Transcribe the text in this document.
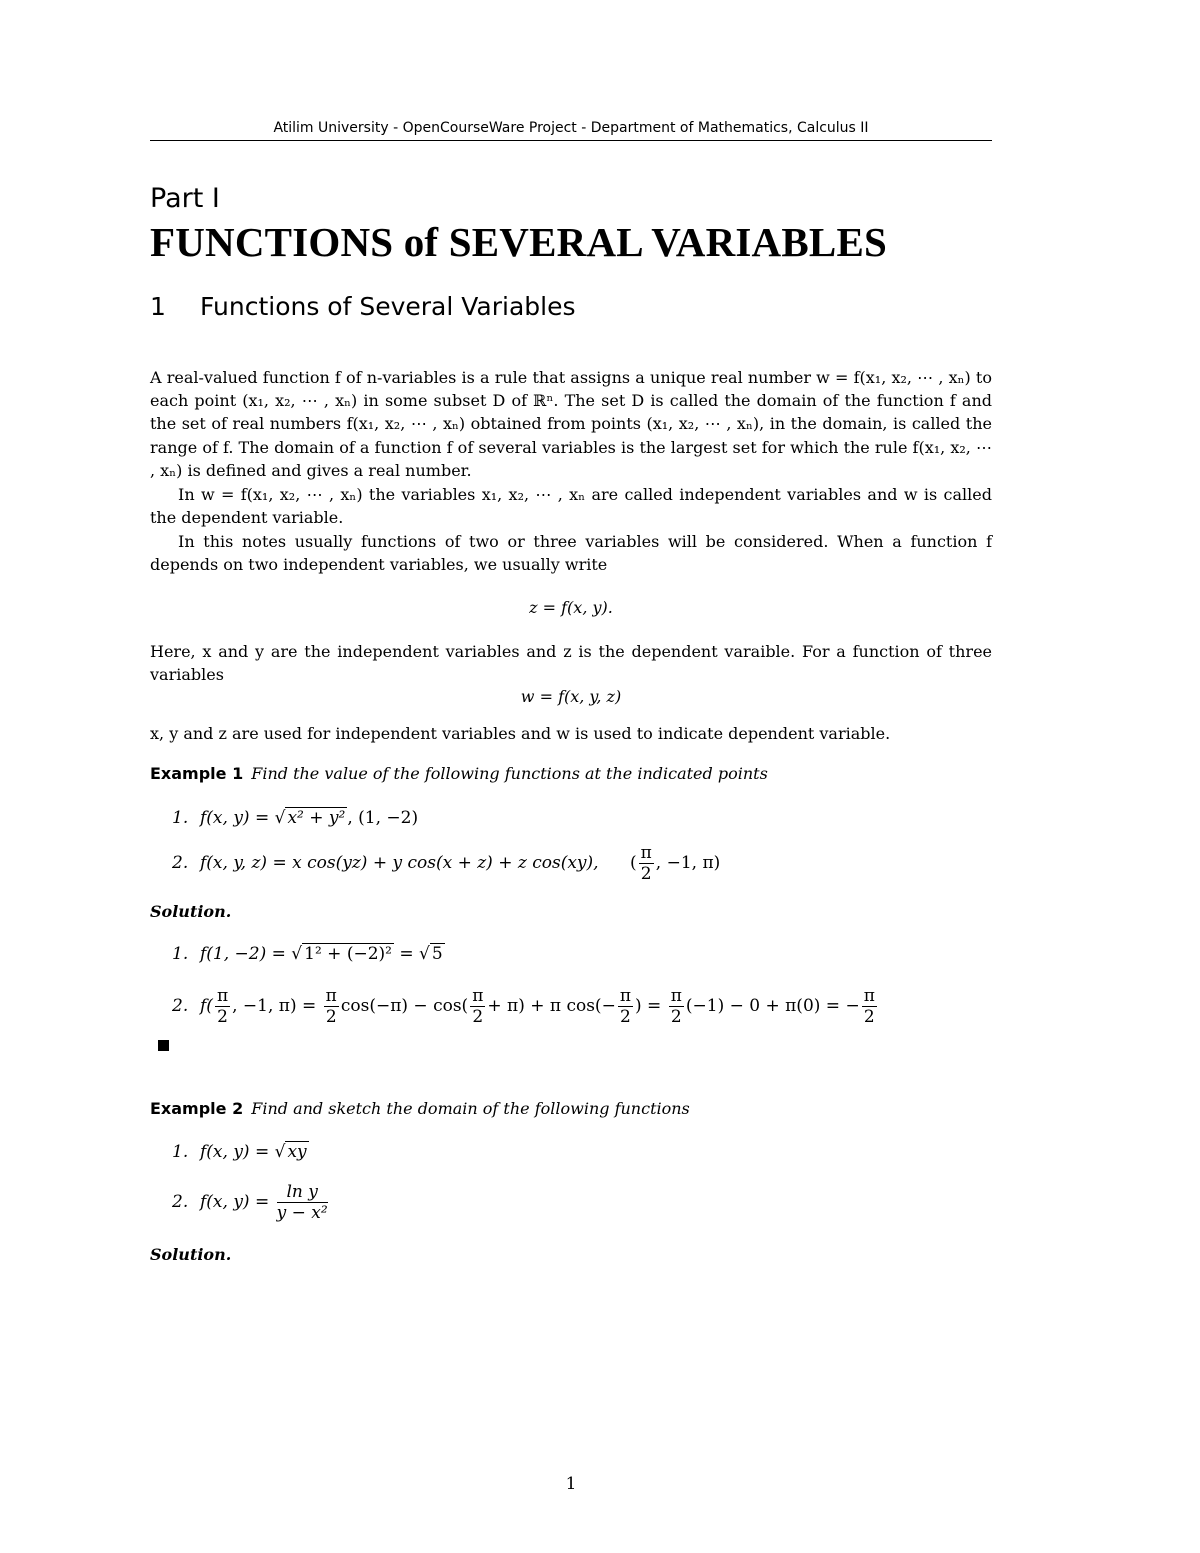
Atilim University - OpenCourseWare Project - Department of Mathematics, Calculus II
Part I
FUNCTIONS of SEVERAL VARIABLES
1 Functions of Several Variables
A real-valued function f of n-variables is a rule that assigns a unique real number w = f(x₁, x₂, ⋯ , xₙ) to each point (x₁, x₂, ⋯ , xₙ) in some subset D of ℝⁿ. The set D is called the domain of the function f and the set of real numbers f(x₁, x₂, ⋯ , xₙ) obtained from points (x₁, x₂, ⋯ , xₙ), in the domain, is called the range of f. The domain of a function f of several variables is the largest set for which the rule f(x₁, x₂, ⋯ , xₙ) is defined and gives a real number.
In w = f(x₁, x₂, ⋯ , xₙ) the variables x₁, x₂, ⋯ , xₙ are called independent variables and w is called the dependent variable.
In this notes usually functions of two or three variables will be considered. When a function f depends on two independent variables, we usually write
z = f(x, y).
Here, x and y are the independent variables and z is the dependent varaible. For a function of three variables
w = f(x, y, z)
x, y and z are used for independent variables and w is used to indicate dependent variable.
Example 1 Find the value of the following functions at the indicated points
1. f(x, y) = √ x² + y² , (1, −2)
2. f(x, y, z) = x cos(yz) + y cos(x + z) + z cos(xy), ( $\frac{\pi}{2}$ , −1, π)
Solution.
1. f(1, −2) = √ 1² + (−2)² = √ 5
2. $f( \frac{\pi}{2}$ , −1, $\pi) = \frac{\pi}{2} \cos(-\pi) - \cos( \frac{\pi}{2} + \pi) + \pi$ $\cos(- \frac{\pi}{2}$ ) = $\frac{\pi}{2} (-1) - 0 + \pi(0)$ = − $\frac{\pi}{2}$
Example 2 Find and sketch the domain of the following functions
1. f(x, y) = √ xy
2. f(x, $y) = \frac{\text{ln y}}{\text{y − x²}}$
Solution.
1
